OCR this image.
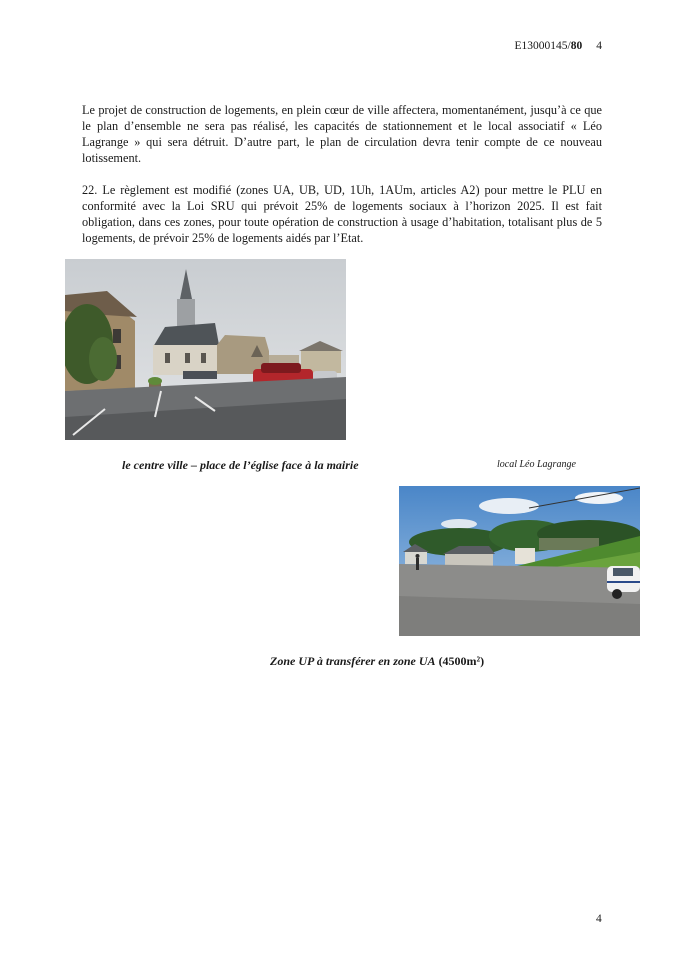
E13000145/80 4

Le projet de construction de logements, en plein cœur de ville affectera, momentanément, jusqu’à ce que le plan d’ensemble ne sera pas réalisé, les capacités de stationnement et le local associatif « Léo Lagrange » qui sera détruit. D’autre part, le plan de circulation devra tenir compte de ce nouveau lotissement.

22. Le règlement est modifié (zones UA, UB, UD, 1Uh, 1AUm, articles A2) pour mettre le PLU en conformité avec la Loi SRU qui prévoit 25% de logements sociaux à l’horizon 2025. Il est fait obligation, dans ces zones, pour toute opération de construction à usage d’habitation, totalisant plus de 5 logements, de prévoir 25% de logements aidés par l’Etat.

le centre ville – place de l’église face à la mairie	local Léo Lagrange

Zone UP à transférer en zone UA (4500m²)

4
